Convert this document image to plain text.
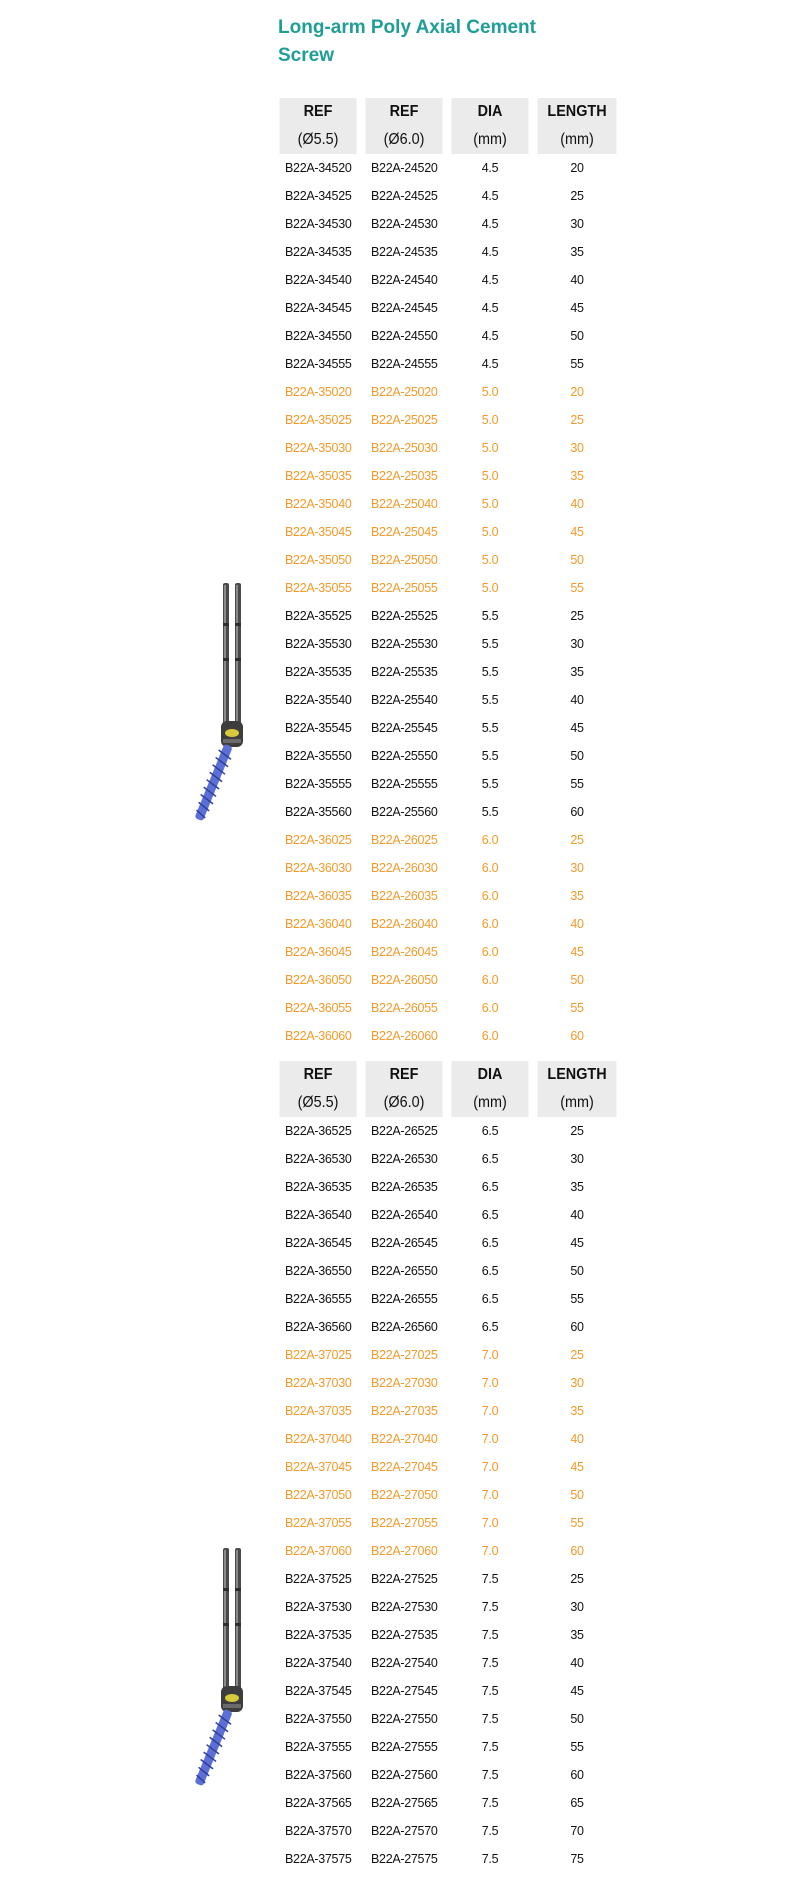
Long-arm Poly Axial Cement Screw
REF	REF	DIA	LENGTH
(Ø5.5)	(Ø6.0)	(mm)	(mm)
B22A-34520	B22A-24520	4.5	20
B22A-34525	B22A-24525	4.5	25
B22A-34530	B22A-24530	4.5	30
B22A-34535	B22A-24535	4.5	35
B22A-34540	B22A-24540	4.5	40
B22A-34545	B22A-24545	4.5	45
B22A-34550	B22A-24550	4.5	50
B22A-34555	B22A-24555	4.5	55
B22A-35020	B22A-25020	5.0	20
B22A-35025	B22A-25025	5.0	25
B22A-35030	B22A-25030	5.0	30
B22A-35035	B22A-25035	5.0	35
B22A-35040	B22A-25040	5.0	40
B22A-35045	B22A-25045	5.0	45
B22A-35050	B22A-25050	5.0	50
B22A-35055	B22A-25055	5.0	55
B22A-35525	B22A-25525	5.5	25
B22A-35530	B22A-25530	5.5	30
B22A-35535	B22A-25535	5.5	35
B22A-35540	B22A-25540	5.5	40
B22A-35545	B22A-25545	5.5	45
B22A-35550	B22A-25550	5.5	50
B22A-35555	B22A-25555	5.5	55
B22A-35560	B22A-25560	5.5	60
B22A-36025	B22A-26025	6.0	25
B22A-36030	B22A-26030	6.0	30
B22A-36035	B22A-26035	6.0	35
B22A-36040	B22A-26040	6.0	40
B22A-36045	B22A-26045	6.0	45
B22A-36050	B22A-26050	6.0	50
B22A-36055	B22A-26055	6.0	55
B22A-36060	B22A-26060	6.0	60
REF	REF	DIA	LENGTH
(Ø5.5)	(Ø6.0)	(mm)	(mm)
B22A-36525	B22A-26525	6.5	25
B22A-36530	B22A-26530	6.5	30
B22A-36535	B22A-26535	6.5	35
B22A-36540	B22A-26540	6.5	40
B22A-36545	B22A-26545	6.5	45
B22A-36550	B22A-26550	6.5	50
B22A-36555	B22A-26555	6.5	55
B22A-36560	B22A-26560	6.5	60
B22A-37025	B22A-27025	7.0	25
B22A-37030	B22A-27030	7.0	30
B22A-37035	B22A-27035	7.0	35
B22A-37040	B22A-27040	7.0	40
B22A-37045	B22A-27045	7.0	45
B22A-37050	B22A-27050	7.0	50
B22A-37055	B22A-27055	7.0	55
B22A-37060	B22A-27060	7.0	60
B22A-37525	B22A-27525	7.5	25
B22A-37530	B22A-27530	7.5	30
B22A-37535	B22A-27535	7.5	35
B22A-37540	B22A-27540	7.5	40
B22A-37545	B22A-27545	7.5	45
B22A-37550	B22A-27550	7.5	50
B22A-37555	B22A-27555	7.5	55
B22A-37560	B22A-27560	7.5	60
B22A-37565	B22A-27565	7.5	65
B22A-37570	B22A-27570	7.5	70
B22A-37575	B22A-27575	7.5	75
